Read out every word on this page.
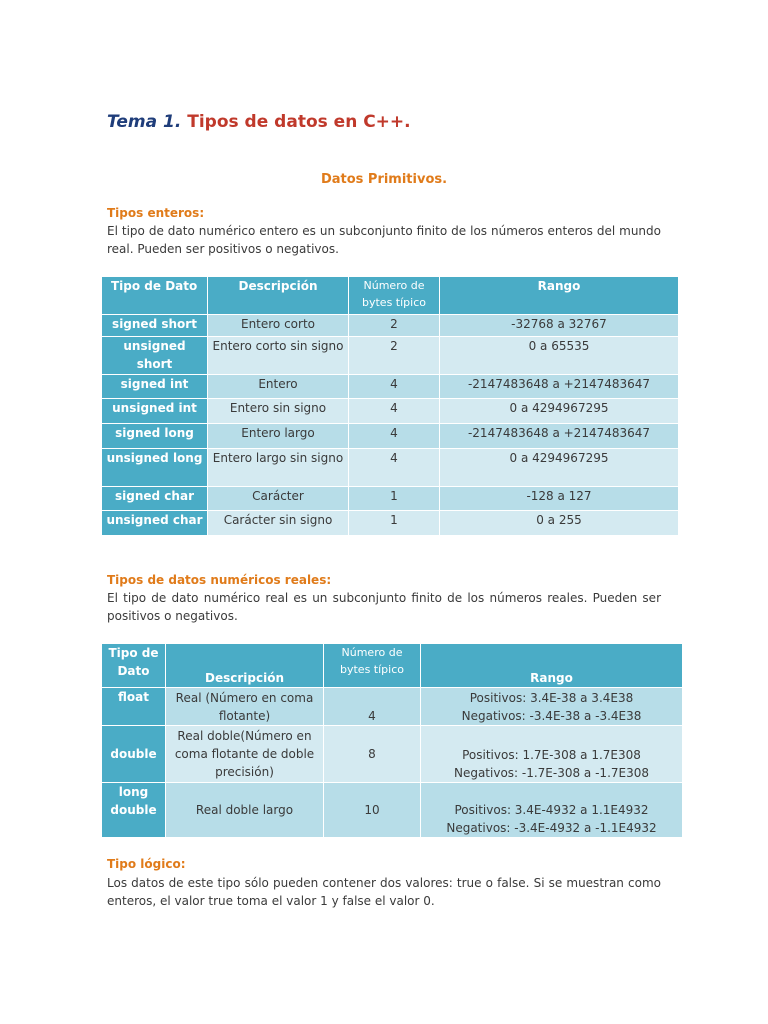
Tema 1. Tipos de datos en C++.
Datos Primitivos.
Tipos enteros:

El tipo de dato numérico entero es un subconjunto finito de los números enteros del mundo real. Pueden ser positivos o negativos.

Tipo de Dato	Descripción	Número de bytes típico	Rango
signed short	Entero corto	2	-32768 a 32767
unsigned short	Entero corto sin signo	2	0 a 65535
signed int	Entero	4	-2147483648 a +2147483647
unsigned int	Entero sin signo	4	0 a 4294967295
signed long	Entero largo	4	-2147483648 a +2147483647
unsigned long	Entero largo sin signo	4	0 a 4294967295
signed char	Carácter	1	-128 a 127
unsigned char	Carácter sin signo	1	0 a 255
Tipos de datos numéricos reales:

El tipo de dato numérico real es un subconjunto finito de los números reales. Pueden ser positivos o negativos.

Tipo de Dato	Descripción	Número de bytes típico	Rango
float	Real (Número en coma flotante)	4	Positivos: 3.4E-38 a 3.4E38
Negativos: -3.4E-38 a -3.4E38

double	Real doble(Número en coma flotante de doble precisión)	8	Positivos: 1.7E-308 a 1.7E308
Negativos: -1.7E-308 a -1.7E308

long double	Real doble largo	10	Positivos: 3.4E-4932 a 1.1E4932
Negativos: -3.4E-4932 a -1.1E4932
Tipo lógico:

Los datos de este tipo sólo pueden contener dos valores: true o false. Si se muestran como enteros, el valor true toma el valor 1 y false el valor 0.
